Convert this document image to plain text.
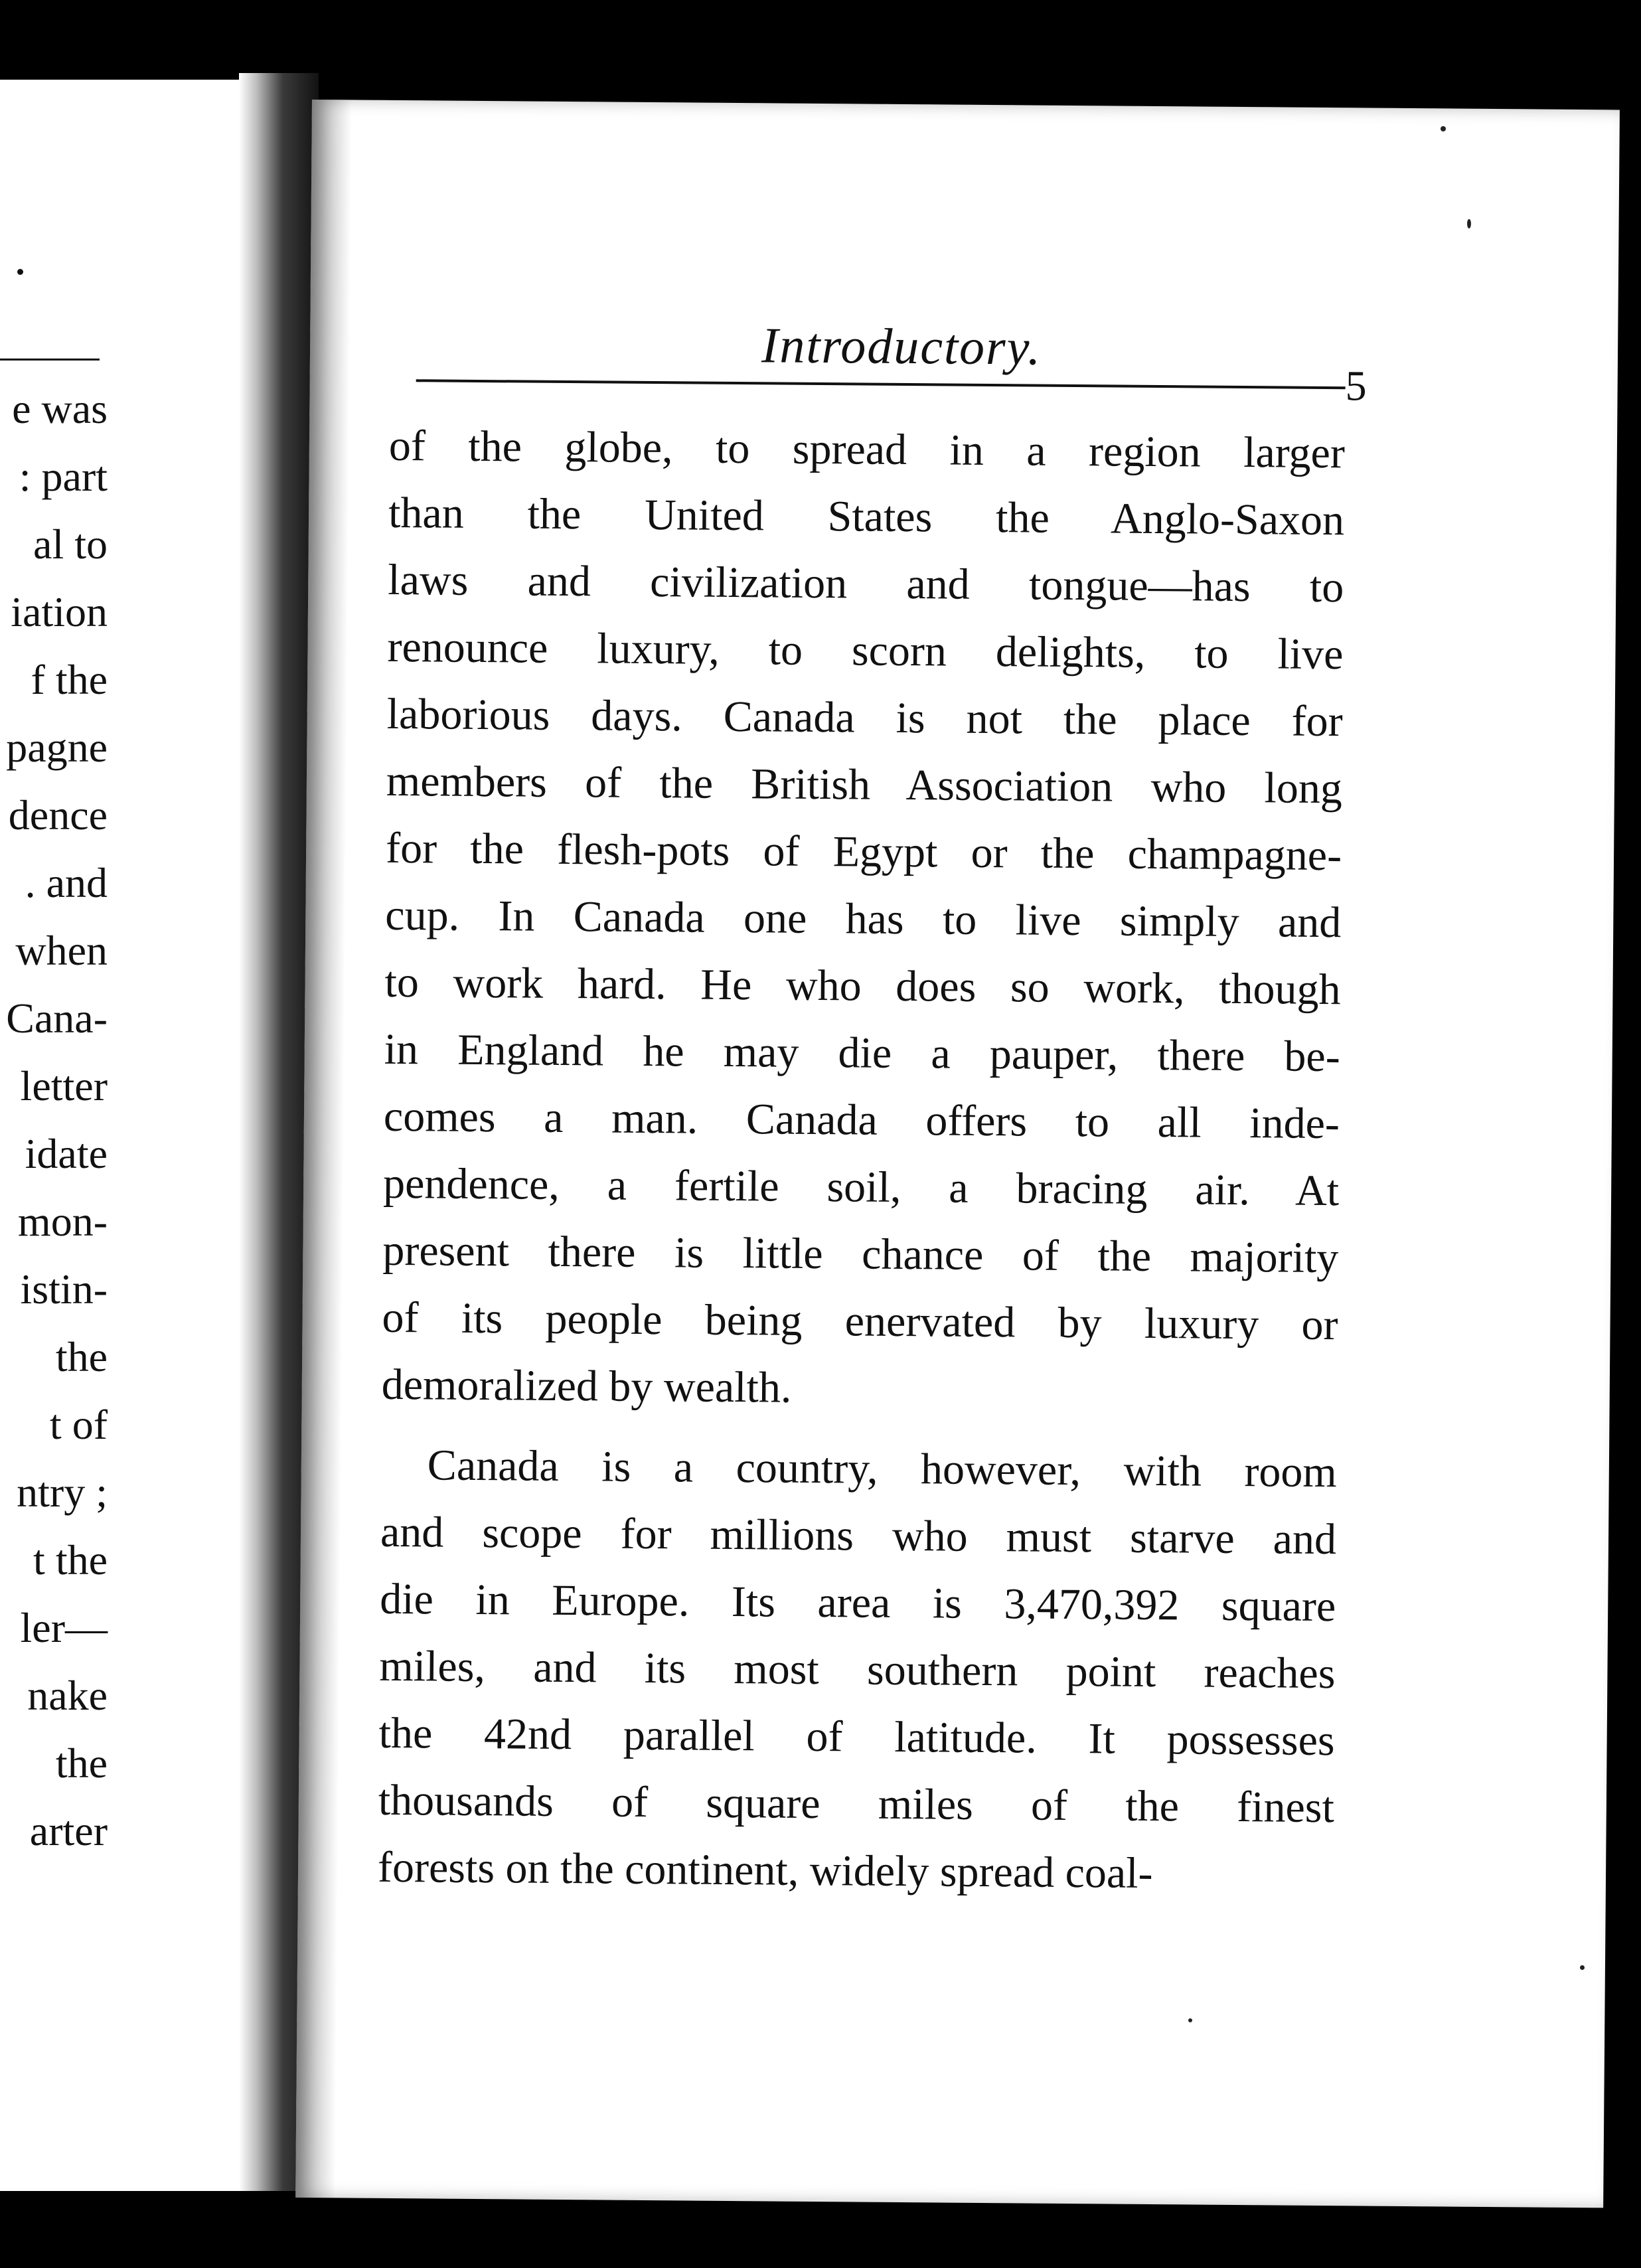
e was
: part
al to
iation
f the
pagne
dence
. and
when
Cana-
letter
idate
mon-
istin-
the
t of
ntry ;
t the
ler—
nake
the
arter
Introductory.
5
of the globe, to spread in a region larger
than the United States the Anglo-Saxon
laws and civilization and tongue—has to
renounce luxury, to scorn delights, to live
laborious days. Canada is not the place for
members of the British Association who long
for the flesh-pots of Egypt or the champagne-
cup. In Canada one has to live simply and
to work hard. He who does so work, though
in England he may die a pauper, there be-
comes a man. Canada offers to all inde-
pendence, a fertile soil, a bracing air. At
present there is little chance of the majority
of its people being enervated by luxury or
demoralized by wealth.
Canada is a country, however, with room
and scope for millions who must starve and
die in Europe. Its area is 3,470,392 square
miles, and its most southern point reaches
the 42nd parallel of latitude. It possesses
thousands of square miles of the finest
forests on the continent, widely spread coal-
